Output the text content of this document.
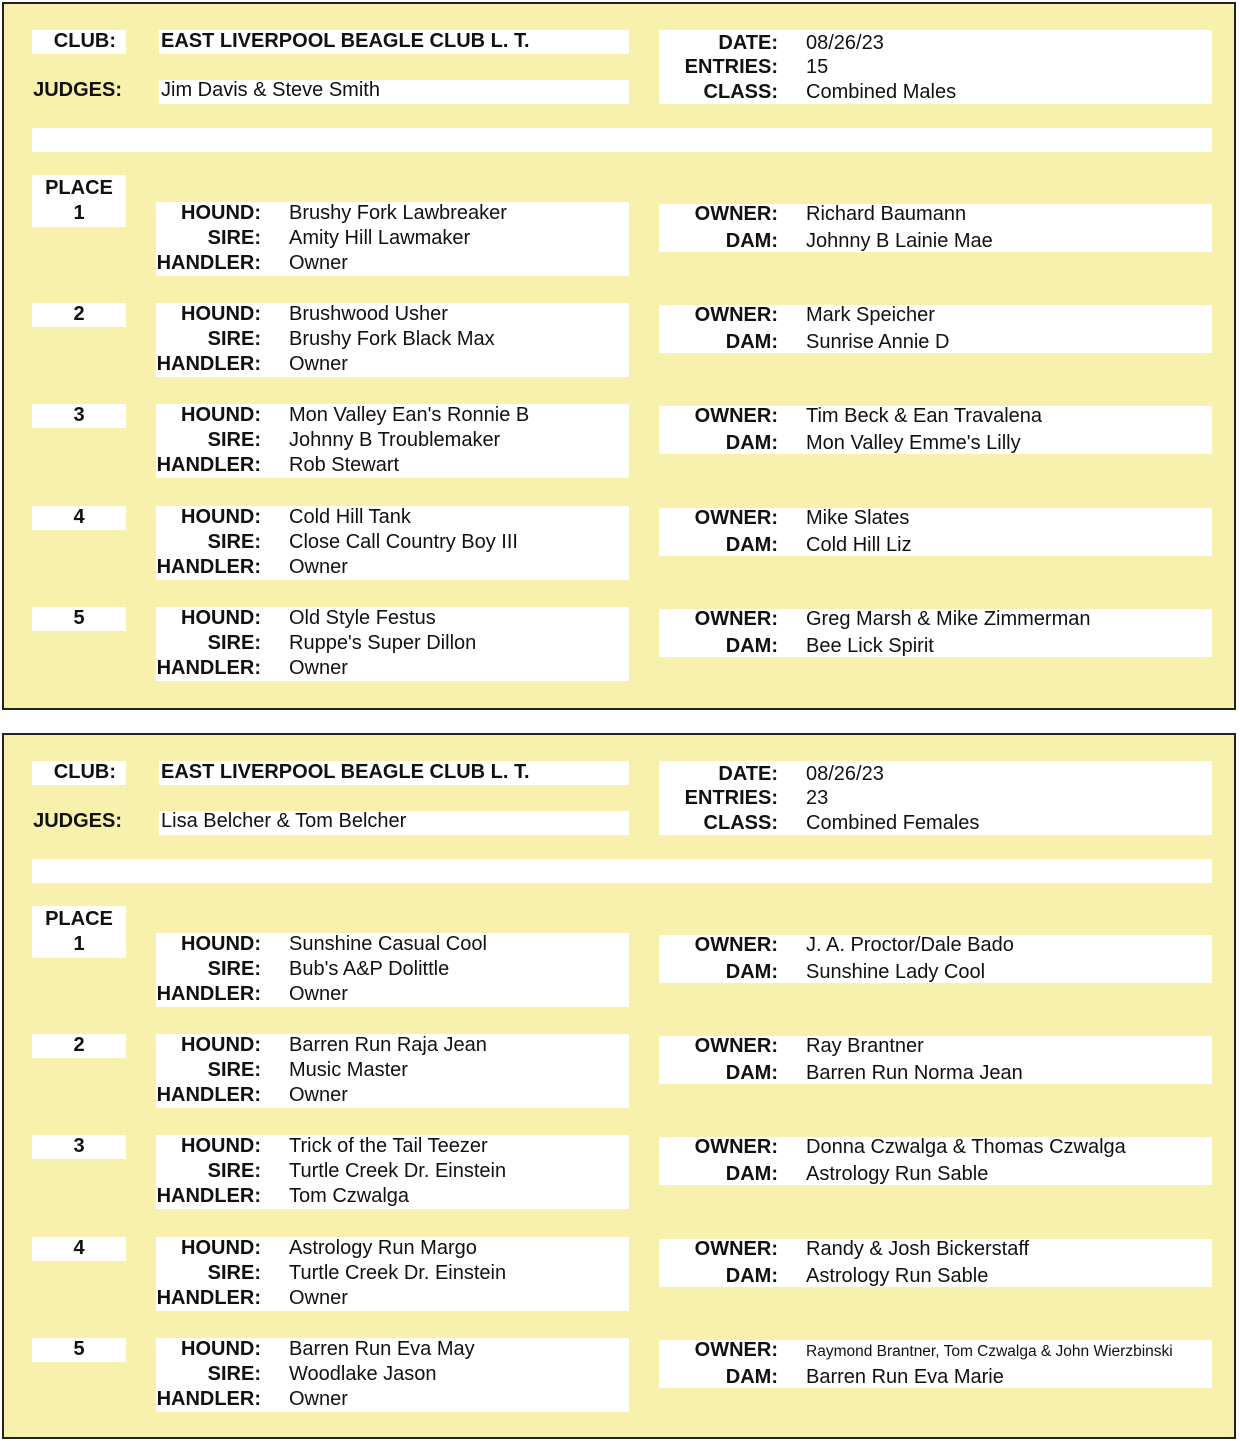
CLUB: EAST LIVERPOOL BEAGLE CLUB L. T.
JUDGES: Jim Davis & Steve Smith
DATE: 08/26/23
ENTRIES: 15
CLASS: Combined Males
PLACE
1	HOUND: Brushy Fork Lawbreaker
SIRE: Amity Hill Lawmaker
HANDLER: Owner
OWNER: Richard Baumann
DAM: Johnny B Lainie Mae
2	HOUND: Brushwood Usher
SIRE: Brushy Fork Black Max
HANDLER: Owner
OWNER: Mark Speicher
DAM: Sunrise Annie D
3	HOUND: Mon Valley Ean's Ronnie B
SIRE: Johnny B Troublemaker
HANDLER: Rob Stewart
OWNER: Tim Beck & Ean Travalena
DAM: Mon Valley Emme's Lilly
4	HOUND: Cold Hill Tank
SIRE: Close Call Country Boy III
HANDLER: Owner
OWNER: Mike Slates
DAM: Cold Hill Liz
5	HOUND: Old Style Festus
SIRE: Ruppe's Super Dillon
HANDLER: Owner
OWNER: Greg Marsh & Mike Zimmerman
DAM: Bee Lick Spirit
CLUB: EAST LIVERPOOL BEAGLE CLUB L. T.
JUDGES: Lisa Belcher & Tom Belcher
DATE: 08/26/23
ENTRIES: 23
CLASS: Combined Females
PLACE
1	HOUND: Sunshine Casual Cool
SIRE: Bub's A&P Dolittle
HANDLER: Owner
OWNER: J. A. Proctor/Dale Bado
DAM: Sunshine Lady Cool
2	HOUND: Barren Run Raja Jean
SIRE: Music Master
HANDLER: Owner
OWNER: Ray Brantner
DAM: Barren Run Norma Jean
3	HOUND: Trick of the Tail Teezer
SIRE: Turtle Creek Dr. Einstein
HANDLER: Tom Czwalga
OWNER: Donna Czwalga & Thomas Czwalga
DAM: Astrology Run Sable
4	HOUND: Astrology Run Margo
SIRE: Turtle Creek Dr. Einstein
HANDLER: Owner
OWNER: Randy & Josh Bickerstaff
DAM: Astrology Run Sable
5	HOUND: Barren Run Eva May
SIRE: Woodlake Jason
HANDLER: Owner
OWNER: Raymond Brantner, Tom Czwalga & John Wierzbinski
DAM: Barren Run Eva Marie
